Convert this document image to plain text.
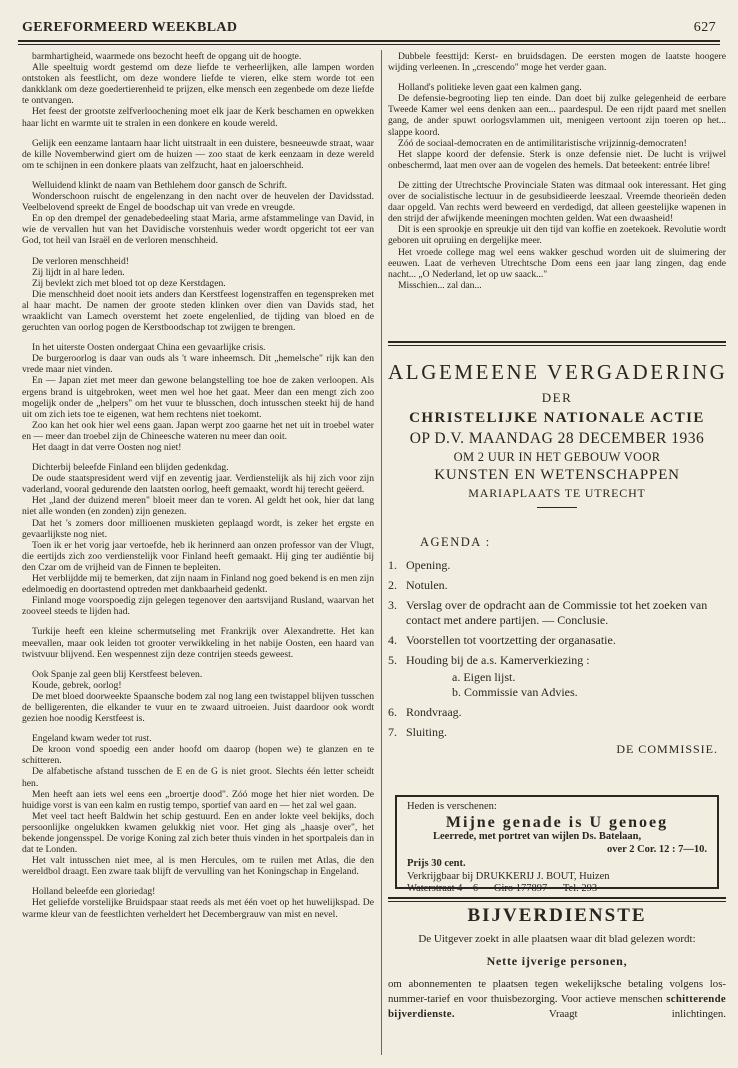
GEREFORMEERD WEEKBLAD	627

barmhartigheid, waarmede ons bezocht heeft de opgang uit de hoogte.

Alle speeltuig wordt gestemd om deze liefde te verheerlijken, alle lampen worden ontstoken als feestlicht, om deze wondere liefde te vieren, elke stem worde tot een dankklank om deze goedertierenheid te prijzen, elke mensch een zegenbede om deze liefde te ontvangen.

Het feest der grootste zelfverloochening moet elk jaar de Kerk beschamen en opwekken haar licht en warmte uit te stralen in een donkere en koude wereld.

Gelijk een eenzame lantaarn haar licht uitstraalt in een duistere, besneeuwde straat, waar de kille Novemberwind giert om de huizen — zoo staat de kerk eenzaam in deze wereld om te schijnen in een donkere plaats van zelfzucht, haat en jaloerschheid.

Welluidend klinkt de naam van Bethlehem door gansch de Schrift.

Wonderschoon ruischt de engelenzang in den nacht over de heuvelen der Davidsstad. Veelbelovend spreekt de Engel de boodschap uit van vrede en vreugde.

En op den drempel der genadebedeeling staat Maria, arme afstammelinge van David, in wie de vervallen hut van het Davidische vorstenhuis weder wordt opgericht tot eer van God, tot heil van Israël en de verloren menschheid.

De verloren menschheid!

Zij lijdt in al hare leden.

Zij bevlekt zich met bloed tot op deze Kerstdagen.

Die menschheid doet nooit iets anders dan Kerstfeest logenstraffen en tegenspreken met al haar macht. De namen der groote steden klinken over dien van Davids stad, het wraaklicht van Lamech overstemt het zoete engelenlied, de tijding van bloed en de geruchten van oorlog pogen de Kerstboodschap tot zwijgen te brengen.

In het uiterste Oosten ondergaat China een gevaarlijke crisis.

De burgeroorlog is daar van ouds als 't ware inheemsch. Dit „hemelsche" rijk kan den vrede maar niet vinden.

En — Japan ziet met meer dan gewone belangstelling toe hoe de zaken verloopen. Als ergens brand is uitgebroken, weet men wel hoe het gaat. Meer dan een mengt zich zoo mogelijk onder de „helpers" om het vuur te blusschen, doch intusschen steekt hij de hand uit om zich iets toe te eigenen, wat hem rechtens niet toekomt.

Zoo kan het ook hier wel eens gaan. Japan werpt zoo gaarne het net uit in troebel water en — meer dan troebel zijn de Chineesche wateren nu meer dan ooit.

Het daagt in dat verre Oosten nog niet!

Dichterbij beleefde Finland een blijden gedenkdag.

De oude staatspresident werd vijf en zeventig jaar. Verdienstelijk als hij zich voor zijn vaderland, vooral gedurende den laatsten oorlog, heeft gemaakt, wordt hij terecht geëerd.

Het „land der duizend meren" bloeit meer dan te voren. Al geldt het ook, hier dat lang niet alle wonden (en zonden) zijn genezen.

Dat het 's zomers door millioenen muskieten geplaagd wordt, is zeker het ergste en gevaarlijkste nog niet.

Toen ik er het vorig jaar vertoefde, heb ik herinnerd aan onzen professor van der Vlugt, die eertijds zich zoo verdienstelijk voor Finland heeft gemaakt. Hij ging ter audiëntie bij den Czar om de vrijheid van de Finnen te bepleiten.

Het verblijdde mij te bemerken, dat zijn naam in Finland nog goed bekend is en men zijn edelmoedig en doortastend optreden met dankbaarheid gedenkt.

Finland moge voorspoedig zijn gelegen tegenover den aartsvijand Rusland, waarvan het zooveel steeds te lijden had.

Turkije heeft een kleine schermutseling met Frankrijk over Alexandrette. Het kan meevallen, maar ook leiden tot grooter verwikkeling in het nabije Oosten, een haard van twistvuur blijvend. Een wespennest zijn deze contrijen steeds geweest.

Ook Spanje zal geen blij Kerstfeest beleven.

Koude, gebrek, oorlog!

De met bloed doorweekte Spaansche bodem zal nog lang een twistappel blijven tusschen de belligerenten, die elkander te vuur en te zwaard uitroeien. Juist daardoor ook wordt gezien hoe noodig Kerstfeest is.

Engeland kwam weder tot rust.

De kroon vond spoedig een ander hoofd om daarop (hopen we) te glanzen en te schitteren.

De alfabetische afstand tusschen de E en de G is niet groot. Slechts één letter scheidt hen.

Men heeft aan iets wel eens een „broertje dood". Zóó moge het hier niet worden. De huidige vorst is van een kalm en rustig tempo, sportief van aard en — het zal wel gaan.

Met veel tact heeft Baldwin het schip gestuurd. Een en ander lokte veel bekijks, doch persoonlijke ongelukken kwamen gelukkig niet voor. Het ging als „haasje over", het bekende jongensspel. De vorige Koning zal zich beter thuis vinden in het sportpaleis dan in dat te Londen.

Het valt intusschen niet mee, al is men Hercules, om te ruilen met Atlas, die den wereldbol draagt. Een zware taak blijft de vervulling van het Koningschap in Engeland.

Holland beleefde een gloriedag!

Het geliefde vorstelijke Bruidspaar staat reeds als met één voet op het huwelijkspad. De warme kleur van de feestlichten verheldert het Decembergrauw van mist en nevel.

Dubbele feesttijd: Kerst- en bruidsdagen. De eersten mogen de laatste hoogere wijding verleenen. In „crescendo" moge het verder gaan.

Holland's politieke leven gaat een kalmen gang.

De defensie-begrooting liep ten einde. Dan doet bij zulke gelegenheid de eerbare Tweede Kamer wel eens denken aan een... paardespul. De een rijdt paard met snellen gang, de ander spuwt oorlogsvlammen uit, menigeen vertoont zijn toeren op het... slappe koord.

Zóó de sociaal-democraten en de antimilitaristische vrijzinnig-democraten!

Het slappe koord der defensie. Sterk is onze defensie niet. De lucht is vrijwel onbeschermd, laat men over aan de vogelen des hemels. Dat beteekent: entrée libre!

De zitting der Utrechtsche Provinciale Staten was ditmaal ook interessant. Het ging over de socialistische lectuur in de gesubsidieerde leeszaal. Vreemde theorieën deden daar opgeld. Van rechts werd beweerd en verdedigd, dat alleen geestelijke wapenen in den strijd der afwijkende meeningen mochten gelden. Wat een dwaasheid!

Dit is een sprookje en spreukje uit den tijd van koffie en zoetekoek. Revolutie wordt geboren uit opruiing en dergelijke meer.

Het vroede college mag wel eens wakker geschud worden uit de sluimering der eeuwen. Laat de verheven Utrechtsche Dom eens een jaar lang zingen, dag ende nacht... „O Nederland, let op uw saack..."

Misschien... zal dan...

ALGEMEENE VERGADERING
DER
CHRISTELIJKE NATIONALE ACTIE
OP D.V. MAANDAG 28 DECEMBER 1936
OM 2 UUR IN HET GEBOUW VOOR
KUNSTEN EN WETENSCHAPPEN
MARIAPLAATS TE UTRECHT
AGENDA :
1. Opening.
2. Notulen.
3. Verslag over de opdracht aan de Commissie tot het zoeken van contact met andere partijen. — Conclusie.
4. Voorstellen tot voortzetting der organasatie.
5. Houding bij de a.s. Kamerverkiezing :
a. Eigen lijst.
b. Commissie van Advies.
6. Rondvraag.
7. Sluiting.
DE COMMISSIE.
Heden is verschenen:
Mijne genade is U genoeg
Leerrede, met portret van wijlen Ds. Batelaan,
over 2 Cor. 12 : 7—10.
Prijs 30 cent.
Verkrijgbaar bij DRUKKERIJ J. BOUT, Huizen
Waterstraat 4—6 — Giro 177897 — Tel. 293
BIJVERDIENSTE
De Uitgever zoekt in alle plaatsen waar dit blad gelezen wordt:
Nette ijverige personen,
om abonnementen te plaatsen tegen wekelijksche betaling volgens los-nummer-tarief en voor thuisbezorging. Voor actieve menschen schitterende bijverdienste. Vraagt inlichtingen.
